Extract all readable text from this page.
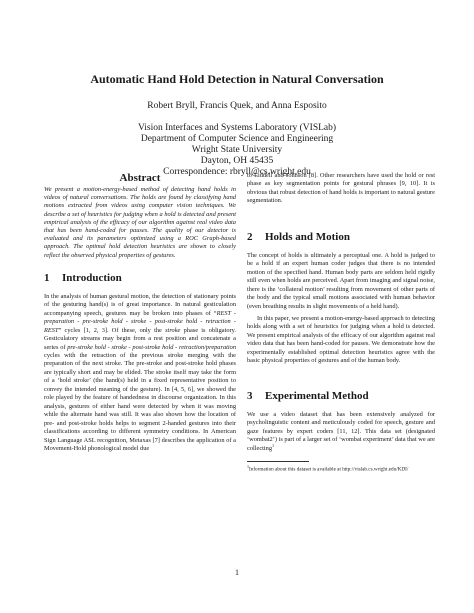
Automatic Hand Hold Detection in Natural Conversation
Robert Bryll, Francis Quek, and Anna Esposito
Vision Interfaces and Systems Laboratory (VISLab)
Department of Computer Science and Engineering
Wright State University
Dayton, OH 45435
Correspondence: rbryll@cs.wright.edu
Abstract

We present a motion-energy-based method of detecting hand holds in videos of natural conversations. The holds are found by classifying hand motions extracted from videos using computer vision techniques. We describe a set of heuristics for judging when a hold is detected and present empirical analysis of the efficacy of our algorithm against real video data that has been hand-coded for pauses. The quality of our detector is evaluated and its parameters optimized using a ROC Graph-based approach. The optimal hold detection heuristics are shown to closely reflect the observed physical properties of gestures.

1 Introduction

In the analysis of human gestural motion, the detection of stationary points of the gesturing hand(s) is of great importance. In natural gesticulation accompanying speech, gestures may be broken into phases of “REST - preparation - pre-stroke hold - stroke - post-stroke hold - retraction - REST” cycles [1, 2, 3]. Of these, only the stroke phase is obligatory. Gesticulatory streams may begin from a rest position and concatenate a series of pre-stroke hold - stroke - post-stroke hold - retraction/preparation cycles with the retraction of the previous stroke merging with the preparation of the next stroke. The pre-stroke and post-stroke hold phases are typically short and may be elided. The stroke itself may take the form of a ‘hold stroke’ (the hand(s) held in a fixed representative position to convey the intended meaning of the gesture). In [4, 5, 6], we showed the role played by the feature of handedness in discourse organization. In this analysis, gestures of either hand were detected by when it was moving while the alternate hand was still. It was also shown how the location of pre- and post-stroke holds helps to segment 2-handed gestures into their classifications according to different symmetry conditions. In American Sign Language ASL recognition, Metaxas [7] describes the application of a Movement-Hold phonological model due

to Liddell and Johnson [8]. Other researchers have used the hold or rest phase as key segmentation points for gestural phrases [9, 10]. It is obvious that robust detection of hand holds is important to natural gesture segmentation.

2 Holds and Motion

The concept of holds is ultimately a perceptual one. A hold is judged to be a hold if an expert human coder judges that there is no intended motion of the specified hand. Human body parts are seldom held rigidly still even when holds are perceived. Apart from imaging and signal noise, there is the ‘collateral motion’ resulting from movement of other parts of the body and the typical small motions associated with human behavior (even breathing results in slight movements of a held hand).

In this paper, we present a motion-energy-based approach to detecting holds along with a set of heuristics for judging when a hold is detected. We present empirical analysis of the efficacy of our algorithm against real video data that has been hand-coded for pauses. We demonstrate how the experimentally established optimal detection heuristics agree with the basic physical properties of gestures and of the human body.

3 Experimental Method

We use a video dataset that has been extensively analyzed for psycholinguistic content and meticulously coded for speech, gesture and gaze features by expert coders [11, 12]. This data set (designated ‘wombat2’) is part of a larger set of ‘wombat experiment’ data that we are collecting$^1$

$^1$Information about this dataset is available at http://vislab.cs.wright.edu/KDI/

1
